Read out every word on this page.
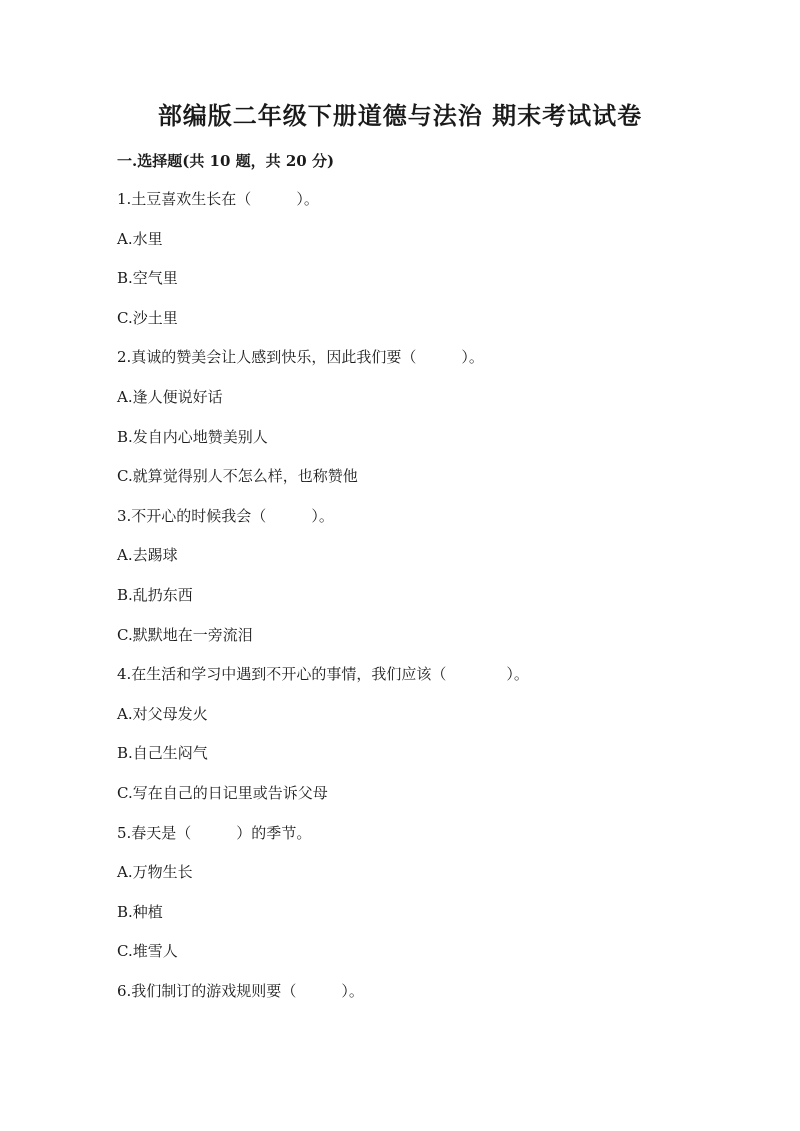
部编版二年级下册道德与法治 期末考试试卷
一.选择题(共 10 题，共 20 分)
1.土豆喜欢生长在（　　　）。
A.水里
B.空气里
C.沙土里
2.真诚的赞美会让人感到快乐，因此我们要（　　　）。
A.逢人便说好话
B.发自内心地赞美别人
C.就算觉得别人不怎么样，也称赞他
3.不开心的时候我会（　　　）。
A.去踢球
B.乱扔东西
C.默默地在一旁流泪
4.在生活和学习中遇到不开心的事情，我们应该（　　　　）。
A.对父母发火
B.自己生闷气
C.写在自己的日记里或告诉父母
5.春天是（　　　）的季节。
A.万物生长
B.种植
C.堆雪人
6.我们制订的游戏规则要（　　　）。
